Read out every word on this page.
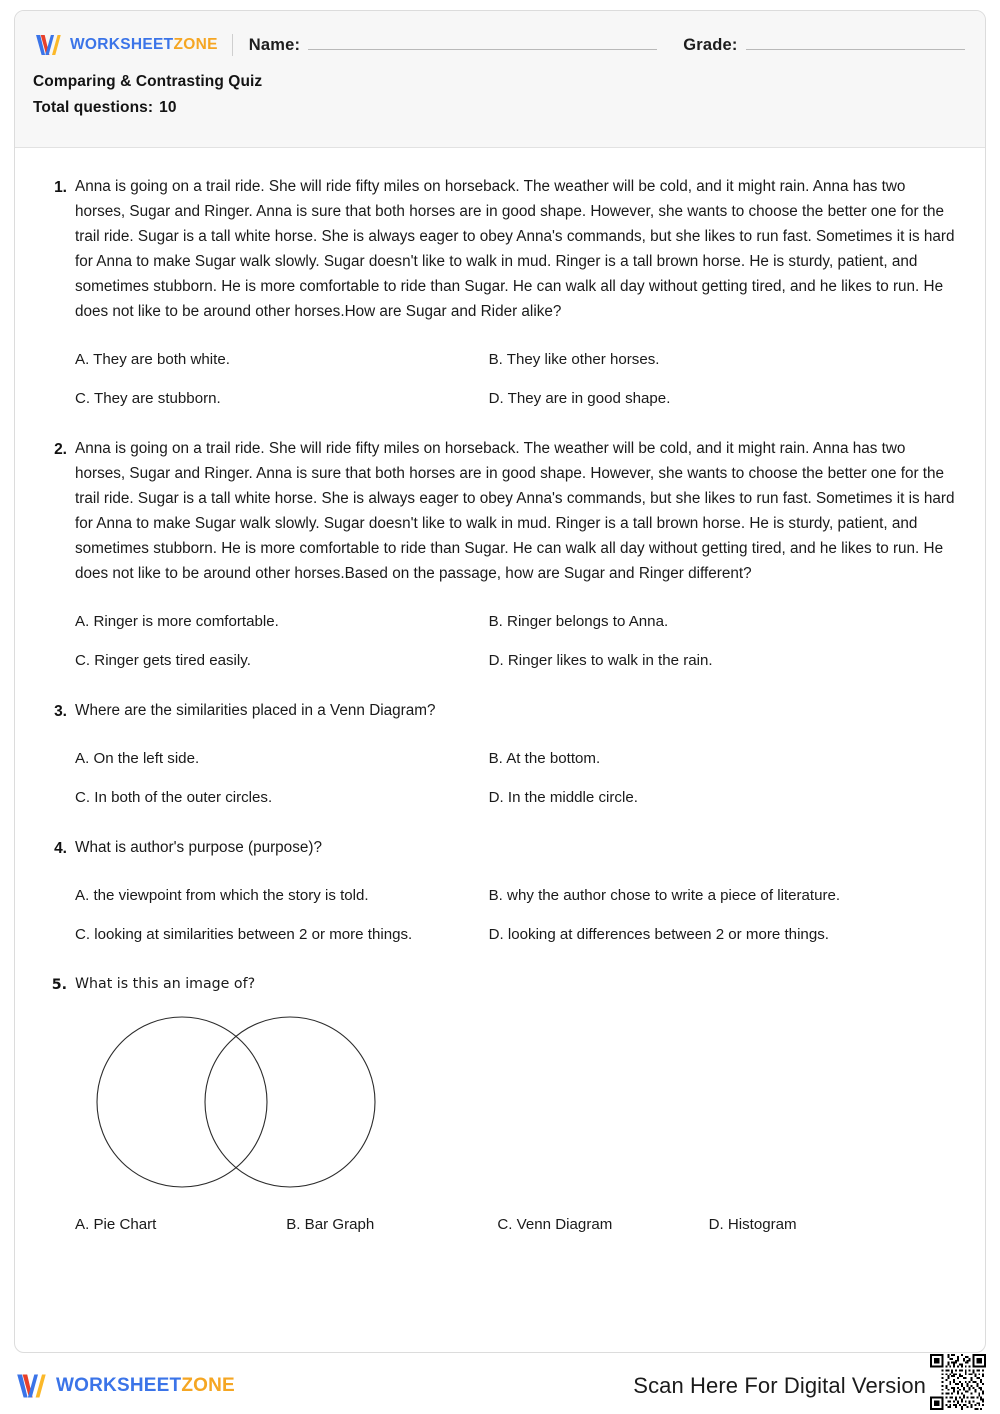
WORKSHEETZONE Name:	Grade:
Comparing & Contrasting Quiz
Total questions: 10
1. Anna is going on a trail ride. She will ride fifty miles on horseback. The weather will be cold, and it might rain. Anna has two horses, Sugar and Ringer. Anna is sure that both horses are in good shape. However, she wants to choose the better one for the trail ride. Sugar is a tall white horse. She is always eager to obey Anna's commands, but she likes to run fast. Sometimes it is hard for Anna to make Sugar walk slowly. Sugar doesn't like to walk in mud. Ringer is a tall brown horse. He is sturdy, patient, and sometimes stubborn. He is more comfortable to ride than Sugar. He can walk all day without getting tired, and he likes to run. He does not like to be around other horses.How are Sugar and Rider alike?
A. They are both white.	B. They like other horses.
C. They are stubborn.	D. They are in good shape.
2. Anna is going on a trail ride. She will ride fifty miles on horseback. The weather will be cold, and it might rain. Anna has two horses, Sugar and Ringer. Anna is sure that both horses are in good shape. However, she wants to choose the better one for the trail ride. Sugar is a tall white horse. She is always eager to obey Anna's commands, but she likes to run fast. Sometimes it is hard for Anna to make Sugar walk slowly. Sugar doesn't like to walk in mud. Ringer is a tall brown horse. He is sturdy, patient, and sometimes stubborn. He is more comfortable to ride than Sugar. He can walk all day without getting tired, and he likes to run. He does not like to be around other horses.Based on the passage, how are Sugar and Ringer different?
A. Ringer is more comfortable.	B. Ringer belongs to Anna.
C. Ringer gets tired easily.	D. Ringer likes to walk in the rain.
3. Where are the similarities placed in a Venn Diagram?
A. On the left side.	B. At the bottom.
C. In both of the outer circles.	D. In the middle circle.
4. What is author's purpose (purpose)?
A. the viewpoint from which the story is told.	B. why the author chose to write a piece of literature.
C. looking at similarities between 2 or more things.	D. looking at differences between 2 or more things.
5. What is this an image of?
A. Pie Chart	B. Bar Graph	C. Venn Diagram	D. Histogram
WORKSHEETZONE	Scan Here For Digital Version
